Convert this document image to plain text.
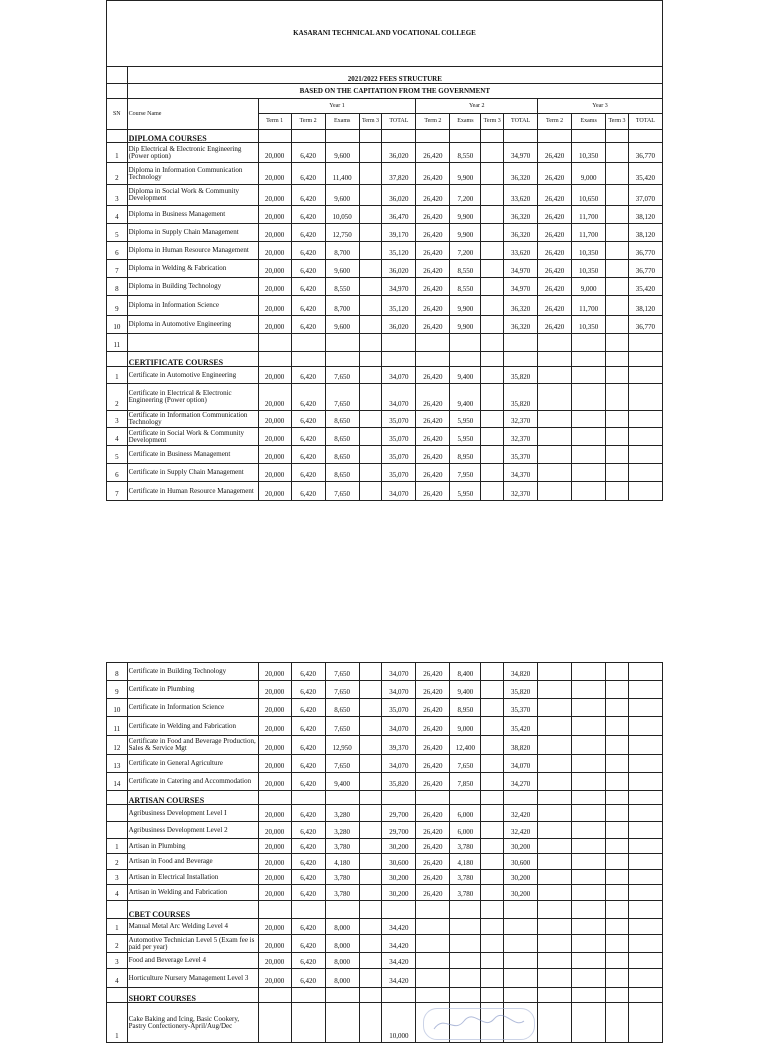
KASARANI TECHNICAL AND VOCATIONAL COLLEGE														
	2021/2022 FEES STRUCTURE													
	BASED ON THE CAPITATION FROM THE GOVERNMENT													
SN	Course Name	Year 1					Year 2				Year 3			
		Term 1	Term 2	Exams	Term 3	TOTAL	Term 2	Exams	Term 3	TOTAL	Term 2	Exams	Term 3	TOTAL
	DIPLOMA COURSES													
1	Dip Electrical & Electronic Engineering (Power option)	20,000	6,420	9,600		36,020	26,420	8,550		34,970	26,420	10,350		36,770
2	Diploma in Information Communication Technology	20,000	6,420	11,400		37,820	26,420	9,900		36,320	26,420	9,000		35,420
3	Diploma in Social Work & Community Development	20,000	6,420	9,600		36,020	26,420	7,200		33,620	26,420	10,650		37,070
4	Diploma in Business Management	20,000	6,420	10,050		36,470	26,420	9,900		36,320	26,420	11,700		38,120
5	Diploma in Supply Chain Management	20,000	6,420	12,750		39,170	26,420	9,900		36,320	26,420	11,700		38,120
6	Diploma in Human Resource Management	20,000	6,420	8,700		35,120	26,420	7,200		33,620	26,420	10,350		36,770
7	Diploma in Welding & Fabrication	20,000	6,420	9,600		36,020	26,420	8,550		34,970	26,420	10,350		36,770
8	Diploma in Building Technology	20,000	6,420	8,550		34,970	26,420	8,550		34,970	26,420	9,000		35,420
9	Diploma in Information Science	20,000	6,420	8,700		35,120	26,420	9,900		36,320	26,420	11,700		38,120
10	Diploma in Automotive Engineering	20,000	6,420	9,600		36,020	26,420	9,900		36,320	26,420	10,350		36,770
11														
	CERTIFICATE COURSES													
1	Certificate in Automotive Engineering	20,000	6,420	7,650		34,070	26,420	9,400		35,820				
2	Certificate in Electrical & Electronic Engineering (Power option)	20,000	6,420	7,650		34,070	26,420	9,400		35,820				
3	Certificate in Information Communication Technology	20,000	6,420	8,650		35,070	26,420	5,950		32,370				
4	Certificate in Social Work & Community Development	20,000	6,420	8,650		35,070	26,420	5,950		32,370				
5	Certificate in Business Management	20,000	6,420	8,650		35,070	26,420	8,950		35,370				
6	Certificate in Supply Chain Management	20,000	6,420	8,650		35,070	26,420	7,950		34,370				
7	Certificate in Human Resource Management	20,000	6,420	7,650		34,070	26,420	5,950		32,370				
8	Certificate in Building Technology	20,000	6,420	7,650		34,070	26,420	8,400		34,820				
9	Certificate in Plumbing	20,000	6,420	7,650		34,070	26,420	9,400		35,820				
10	Certificate in Information Science	20,000	6,420	8,650		35,070	26,420	8,950		35,370				
11	Certificate in Welding and Fabrication	20,000	6,420	7,650		34,070	26,420	9,000		35,420				
12	Certificate in Food and Beverage Production, Sales & Service Mgt	20,000	6,420	12,950		39,370	26,420	12,400		38,820				
13	Certificate in General Agriculture	20,000	6,420	7,650		34,070	26,420	7,650		34,070				
14	Certificate in Catering and Accommodation	20,000	6,420	9,400		35,820	26,420	7,850		34,270				
	ARTISAN COURSES													
	Agribusiness Development Level I	20,000	6,420	3,280		29,700	26,420	6,000		32,420				
	Agribusiness Development Level 2	20,000	6,420	3,280		29,700	26,420	6,000		32,420				
1	Artisan in Plumbing	20,000	6,420	3,780		30,200	26,420	3,780		30,200				
2	Artisan in Food and Beverage	20,000	6,420	4,180		30,600	26,420	4,180		30,600				
3	Artisan in Electrical Installation	20,000	6,420	3,780		30,200	26,420	3,780		30,200				
4	Artisan in Welding and Fabrication	20,000	6,420	3,780		30,200	26,420	3,780		30,200				
	CBET COURSES													
1	Manual Metal Arc Welding Level 4	20,000	6,420	8,000		34,420								
2	Automotive Technician Level 5 (Exam fee is paid per year)	20,000	6,420	8,000		34,420								
3	Food and Beverage Level 4	20,000	6,420	8,000		34,420								
4	Horticulture Nursery Management Level 3	20,000	6,420	8,000		34,420								
	SHORT COURSES													
1	Cake Baking and Icing, Basic Cookery, Pastry Confectionery-April/Aug/Dec					10,000								
